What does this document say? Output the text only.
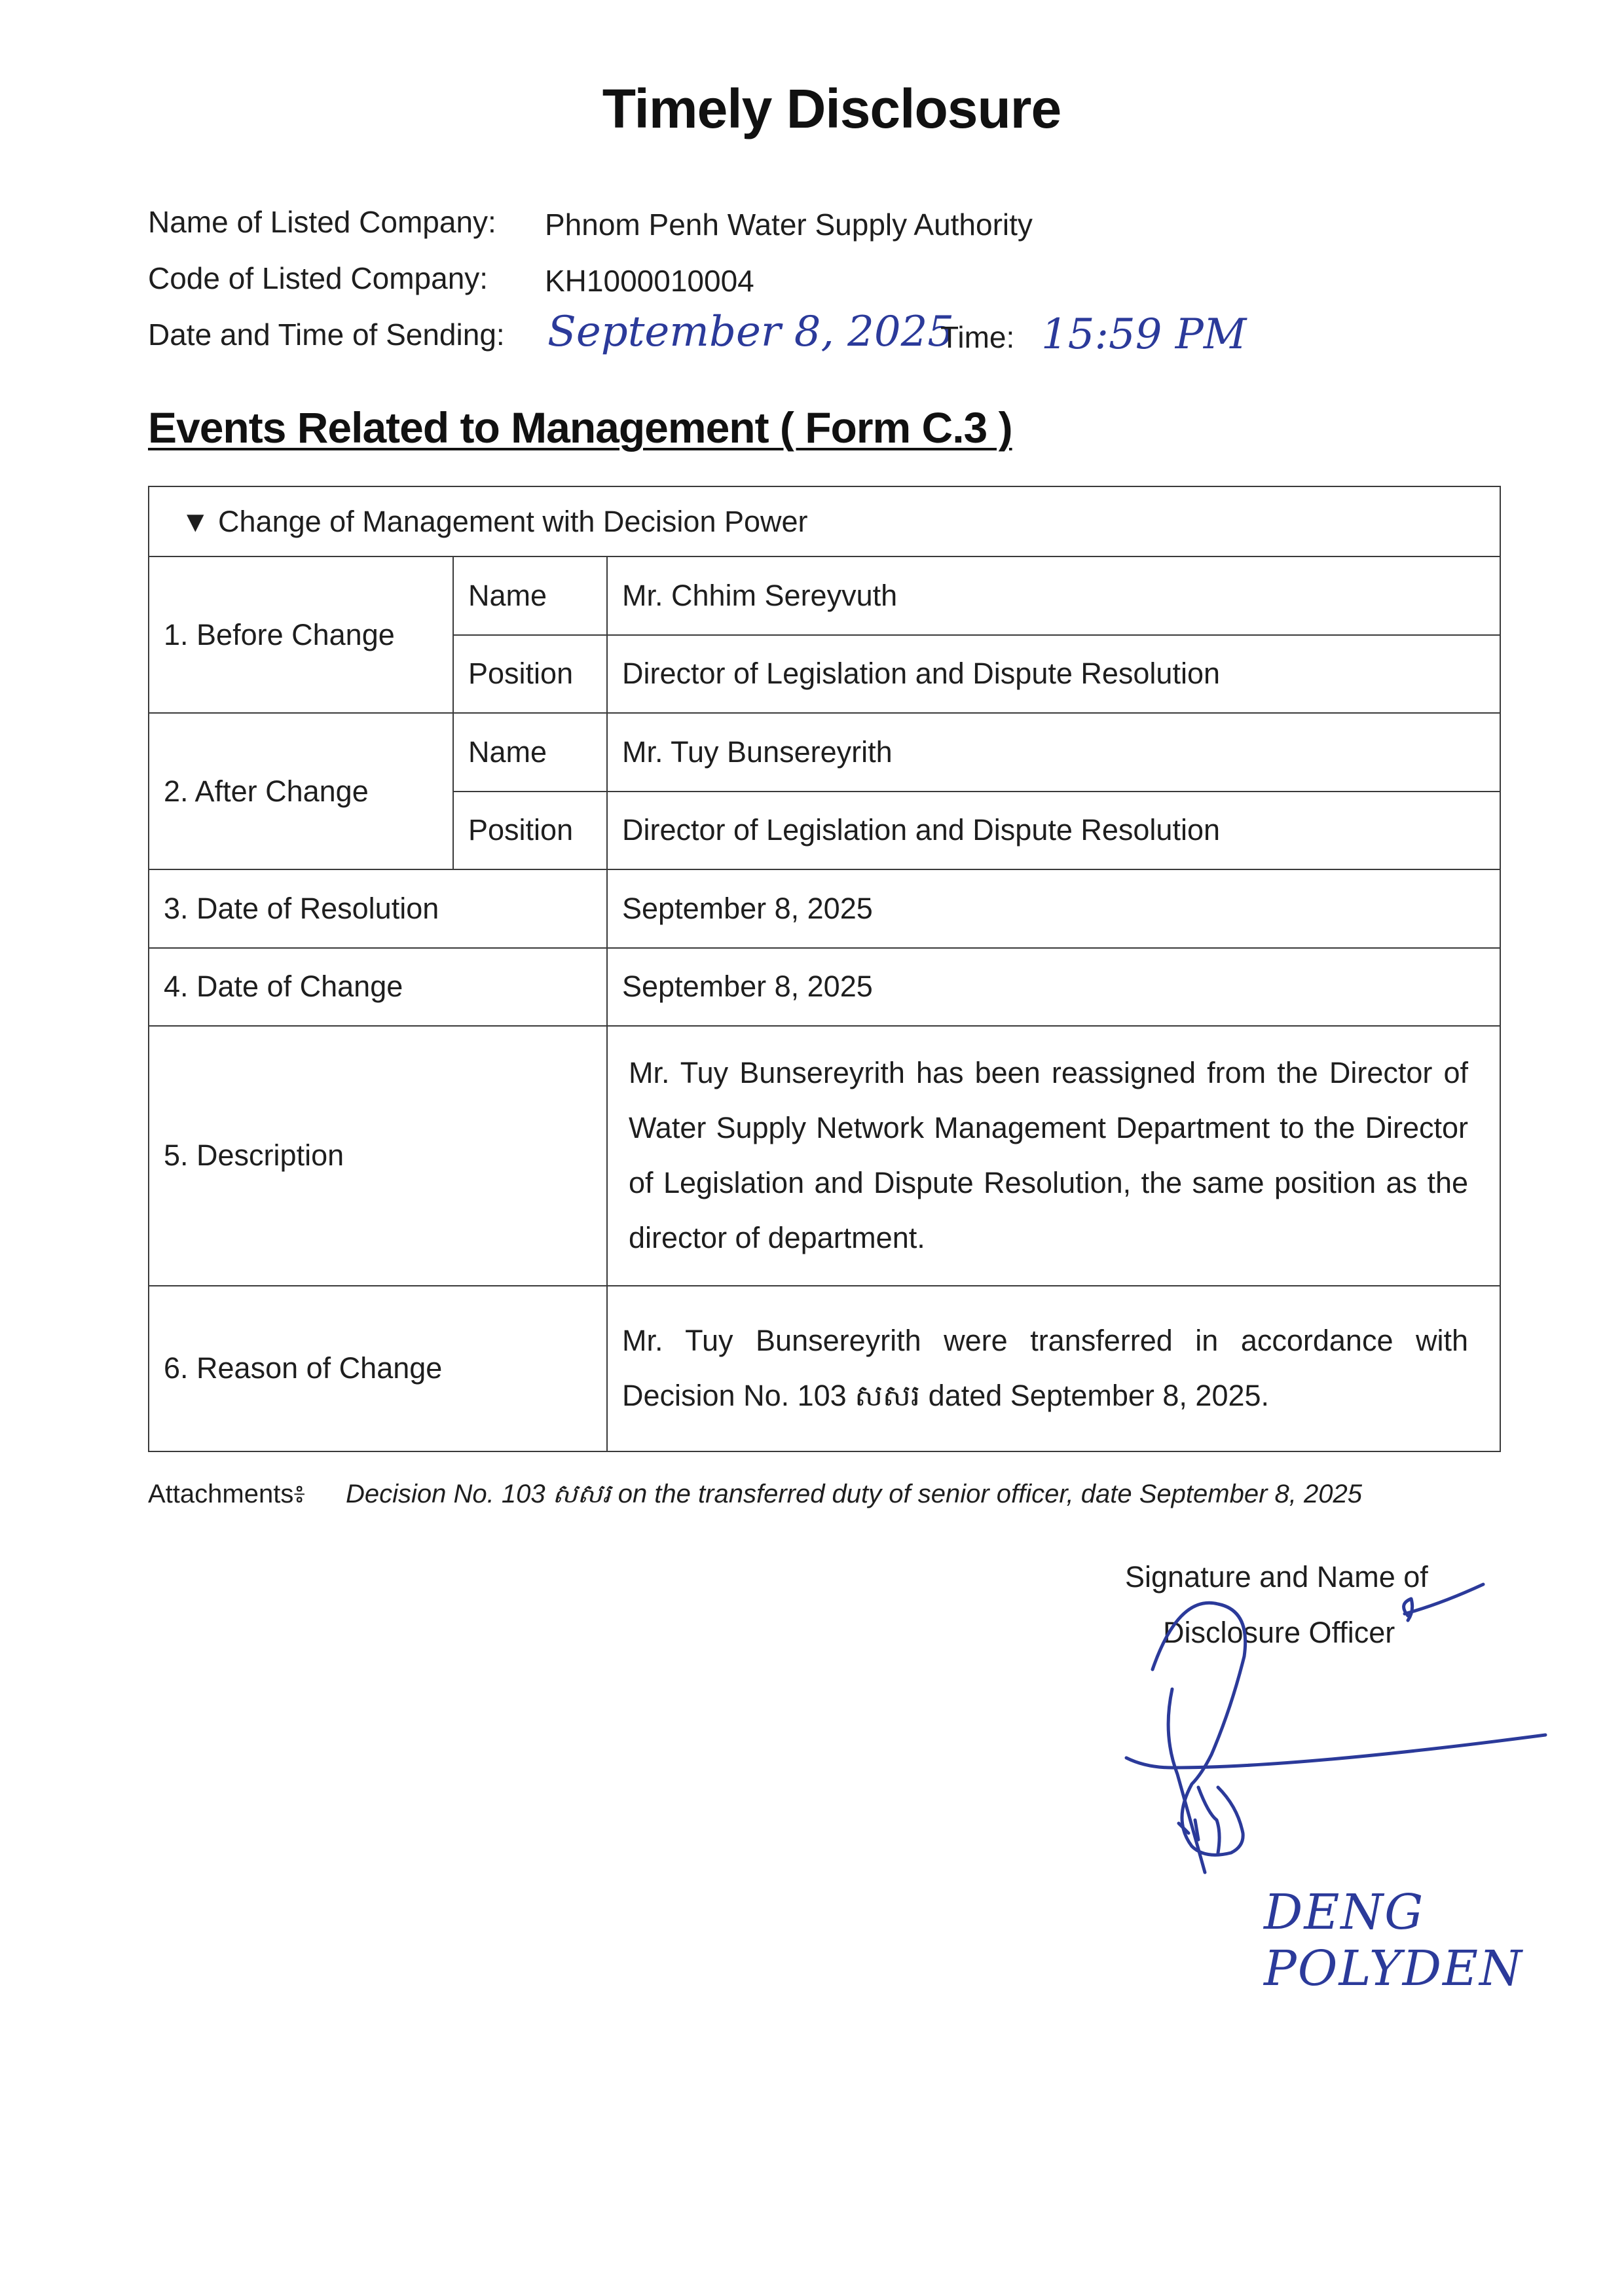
Timely Disclosure
Name of Listed Company: Phnom Penh Water Supply Authority
Code of Listed Company: KH1000010004
Date and Time of Sending: September 8, 2025
Time: 15:59 PM
Events Related to Management ( Form C.3 )
▼ Change of Management with Decision Power		
1. Before Change	Name	Mr. Chhim Sereyvuth
	Position	Director of Legislation and Dispute Resolution
2. After Change	Name	Mr. Tuy Bunsereyrith
	Position	Director of Legislation and Dispute Resolution
3. Date of Resolution		September 8, 2025
4. Date of Change		September 8, 2025
5. Description		Mr. Tuy Bunsereyrith has been reassigned from the Director of Water Supply Network Management Department to the Director of Legislation and Dispute Resolution, the same position as the director of department.
6. Reason of Change		Mr. Tuy Bunsereyrith were transferred in accordance with Decision No. 103 សសរ dated September 8, 2025.
Attachments៖ Decision No. 103 សសរ on the transferred duty of senior officer, date September 8, 2025
Signature and Name of
Disclosure Officer
DENG POLYDEN
